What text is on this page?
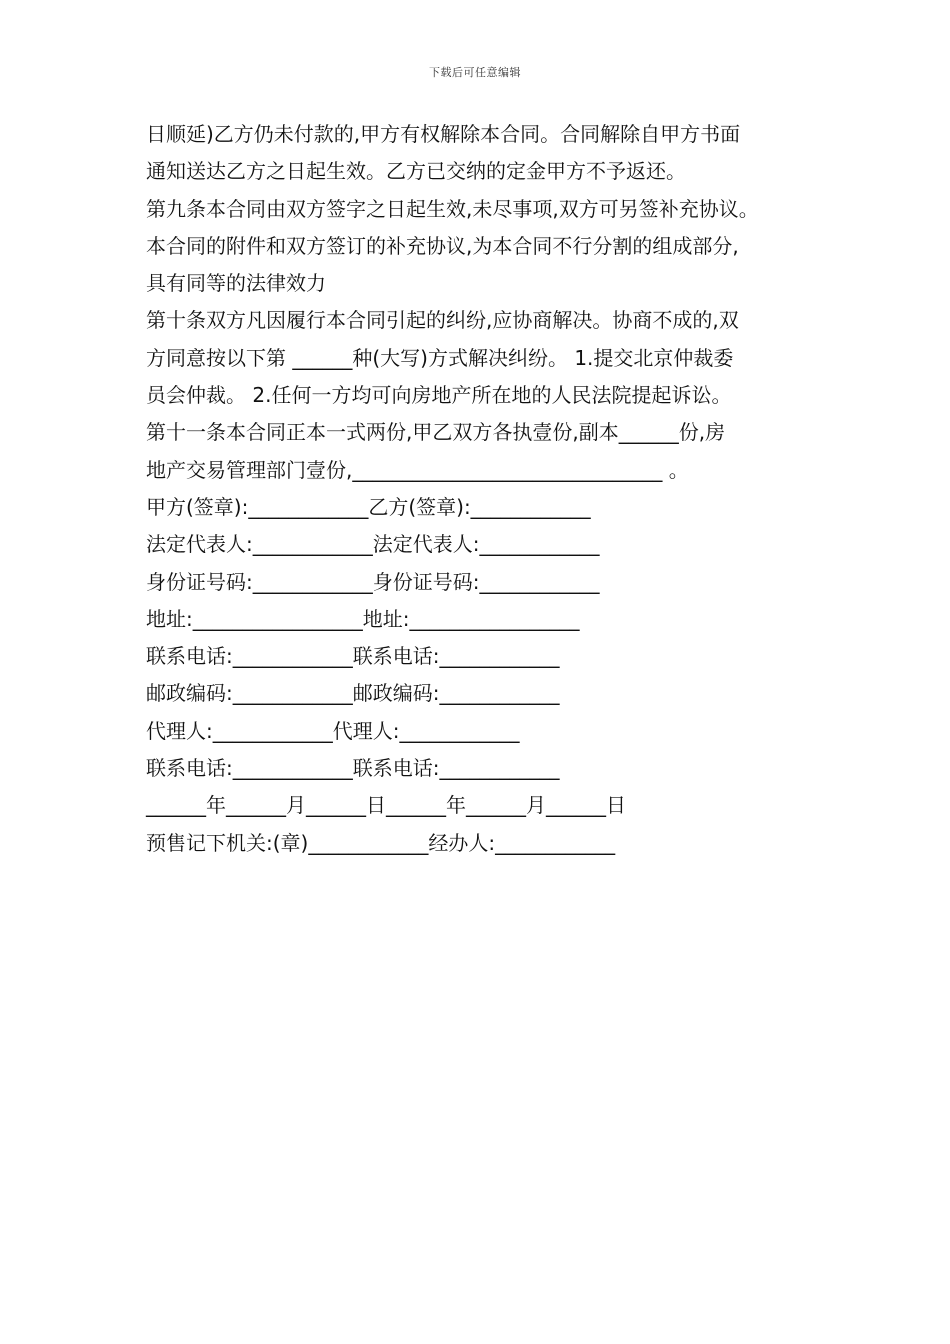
下载后可任意编辑
日顺延)乙方仍未付款的,甲方有权解除本合同。合同解除自甲方书面
通知送达乙方之日起生效。乙方已交纳的定金甲方不予返还。
第九条本合同由双方签字之日起生效,未尽事项,双方可另签补充协议。
本合同的附件和双方签订的补充协议,为本合同不行分割的组成部分,
具有同等的法律效力
第十条双方凡因履行本合同引起的纠纷,应协商解决。协商不成的,双
方同意按以下第 ______种(大写)方式解决纠纷。 1.提交北京仲裁委
员会仲裁。 2.任何一方均可向房地产所在地的人民法院提起诉讼。
第十一条本合同正本一式两份,甲乙双方各执壹份,副本______份,房
地产交易管理部门壹份,_______________________________ 。
甲方(签章):____________乙方(签章):____________
法定代表人:____________法定代表人:____________
身份证号码:____________身份证号码:____________
地址:_________________地址:_________________
联系电话:____________联系电话:____________
邮政编码:____________邮政编码:____________
代理人:____________代理人:____________
联系电话:____________联系电话:____________
______年______月______日______年______月______日
预售记下机关:(章)____________经办人:____________
